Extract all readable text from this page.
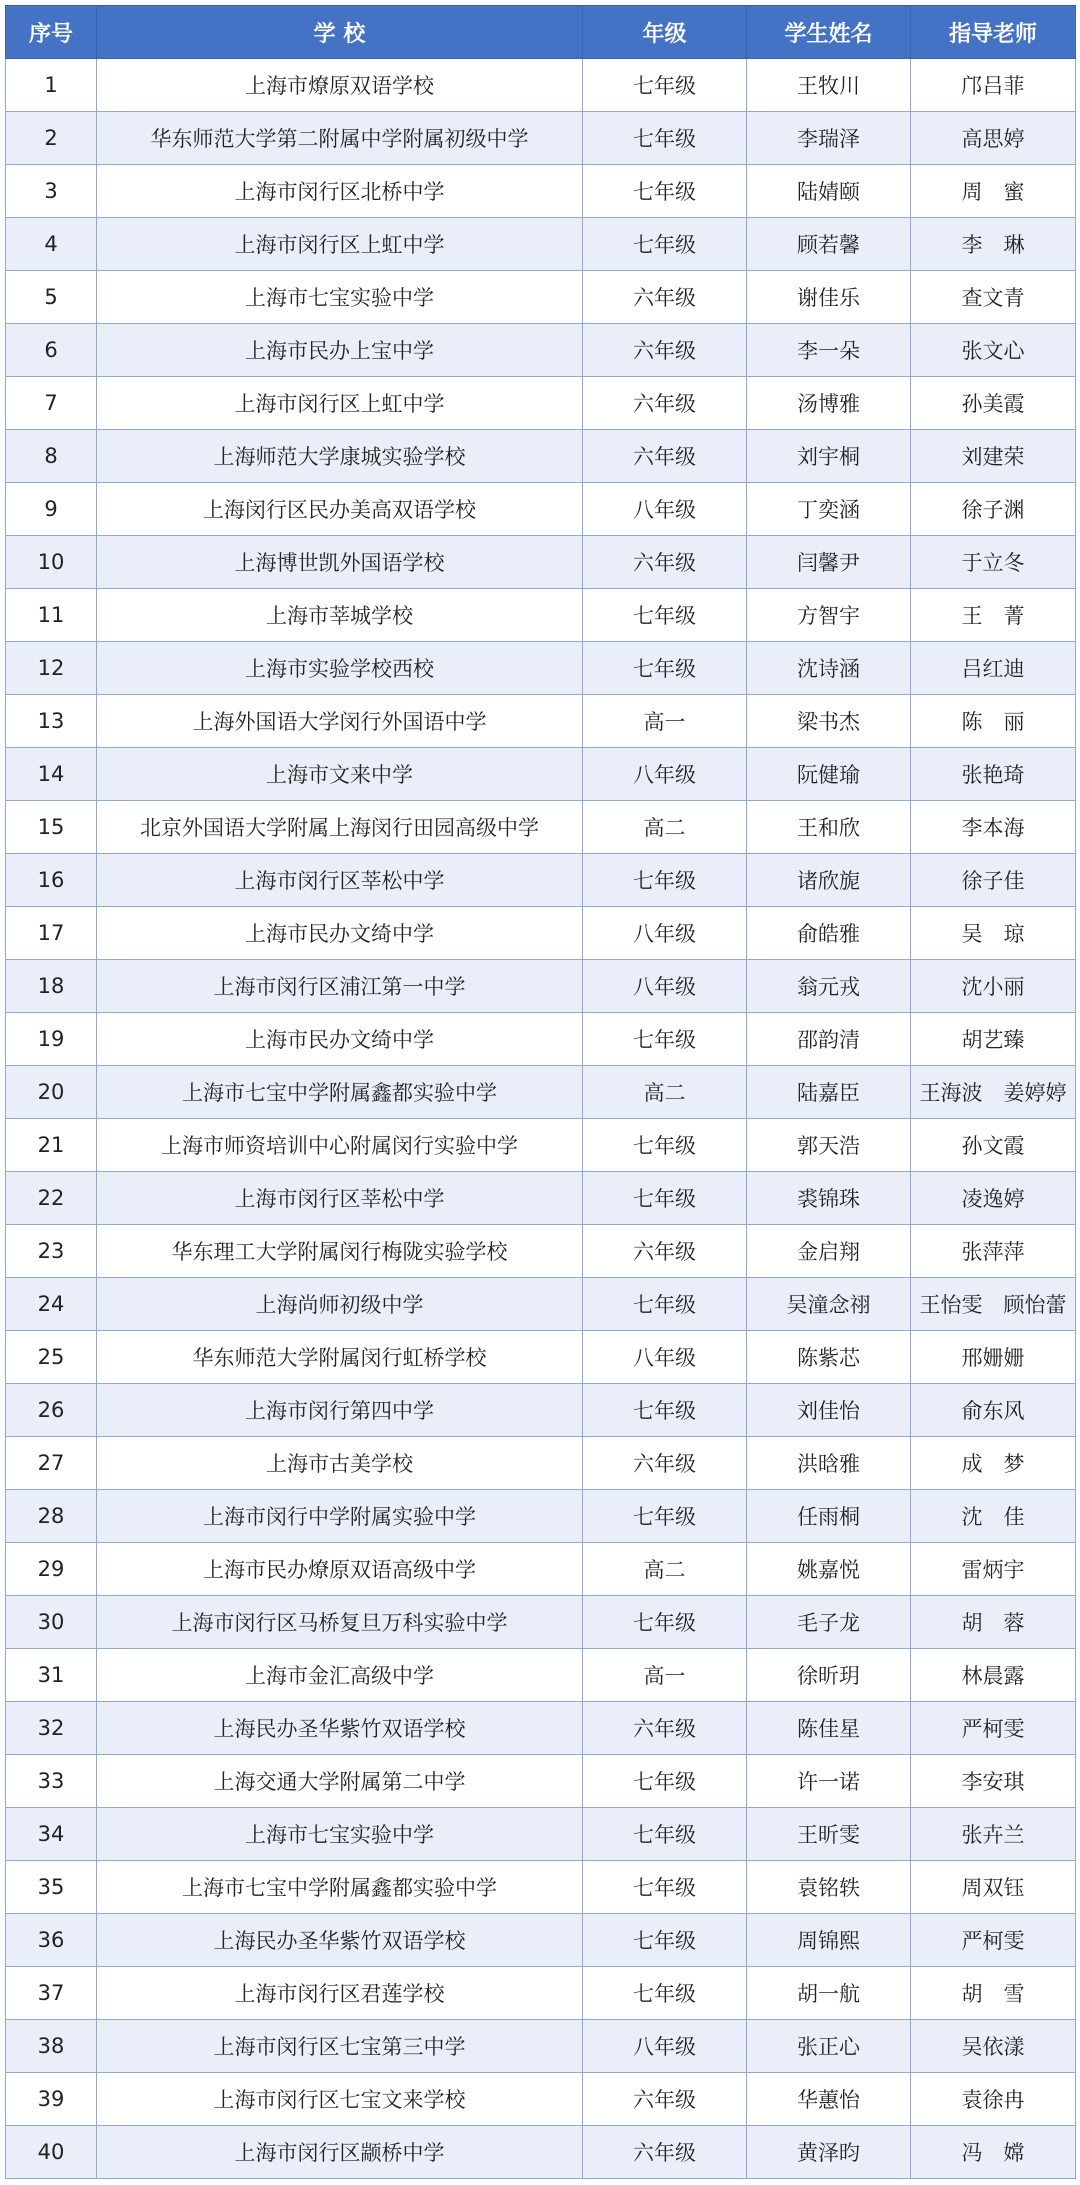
序号	学 校	年级	学生姓名	指导老师
1	上海市燎原双语学校	七年级	王牧川	邝吕菲
2	华东师范大学第二附属中学附属初级中学	七年级	李瑞泽	高思婷
3	上海市闵行区北桥中学	七年级	陆婧颐	周　蜜
4	上海市闵行区上虹中学	七年级	顾若馨	李　琳
5	上海市七宝实验中学	六年级	谢佳乐	查文青
6	上海市民办上宝中学	六年级	李一朵	张文心
7	上海市闵行区上虹中学	六年级	汤博雅	孙美霞
8	上海师范大学康城实验学校	六年级	刘宇桐	刘建荣
9	上海闵行区民办美高双语学校	八年级	丁奕涵	徐子渊
10	上海博世凯外国语学校	六年级	闫馨尹	于立冬
11	上海市莘城学校	七年级	方智宇	王　菁
12	上海市实验学校西校	七年级	沈诗涵	吕红迪
13	上海外国语大学闵行外国语中学	高一	梁书杰	陈　丽
14	上海市文来中学	八年级	阮健瑜	张艳琦
15	北京外国语大学附属上海闵行田园高级中学	高二	王和欣	李本海
16	上海市闵行区莘松中学	七年级	诸欣旎	徐子佳
17	上海市民办文绮中学	八年级	俞皓雅	吴　琼
18	上海市闵行区浦江第一中学	八年级	翁元戎	沈小丽
19	上海市民办文绮中学	七年级	邵韵清	胡艺臻
20	上海市七宝中学附属鑫都实验中学	高二	陆嘉臣	王海波　姜婷婷
21	上海市师资培训中心附属闵行实验中学	七年级	郭天浩	孙文霞
22	上海市闵行区莘松中学	七年级	裘锦珠	凌逸婷
23	华东理工大学附属闵行梅陇实验学校	六年级	金启翔	张萍萍
24	上海尚师初级中学	七年级	吴潼念祤	王怡雯　顾怡蕾
25	华东师范大学附属闵行虹桥学校	八年级	陈紫芯	邢姗姗
26	上海市闵行第四中学	七年级	刘佳怡	俞东风
27	上海市古美学校	六年级	洪晗雅	成　梦
28	上海市闵行中学附属实验中学	七年级	任雨桐	沈　佳
29	上海市民办燎原双语高级中学	高二	姚嘉悦	雷炳宇
30	上海市闵行区马桥复旦万科实验中学	七年级	毛子龙	胡　蓉
31	上海市金汇高级中学	高一	徐昕玥	林晨露
32	上海民办圣华紫竹双语学校	六年级	陈佳星	严柯雯
33	上海交通大学附属第二中学	七年级	许一诺	李安琪
34	上海市七宝实验中学	七年级	王昕雯	张卉兰
35	上海市七宝中学附属鑫都实验中学	七年级	袁铭轶	周双钰
36	上海民办圣华紫竹双语学校	七年级	周锦熙	严柯雯
37	上海市闵行区君莲学校	七年级	胡一航	胡　雪
38	上海市闵行区七宝第三中学	八年级	张正心	吴依漾
39	上海市闵行区七宝文来学校	六年级	华蕙怡	袁徐冉
40	上海市闵行区颛桥中学	六年级	黄泽昀	冯　嫦
